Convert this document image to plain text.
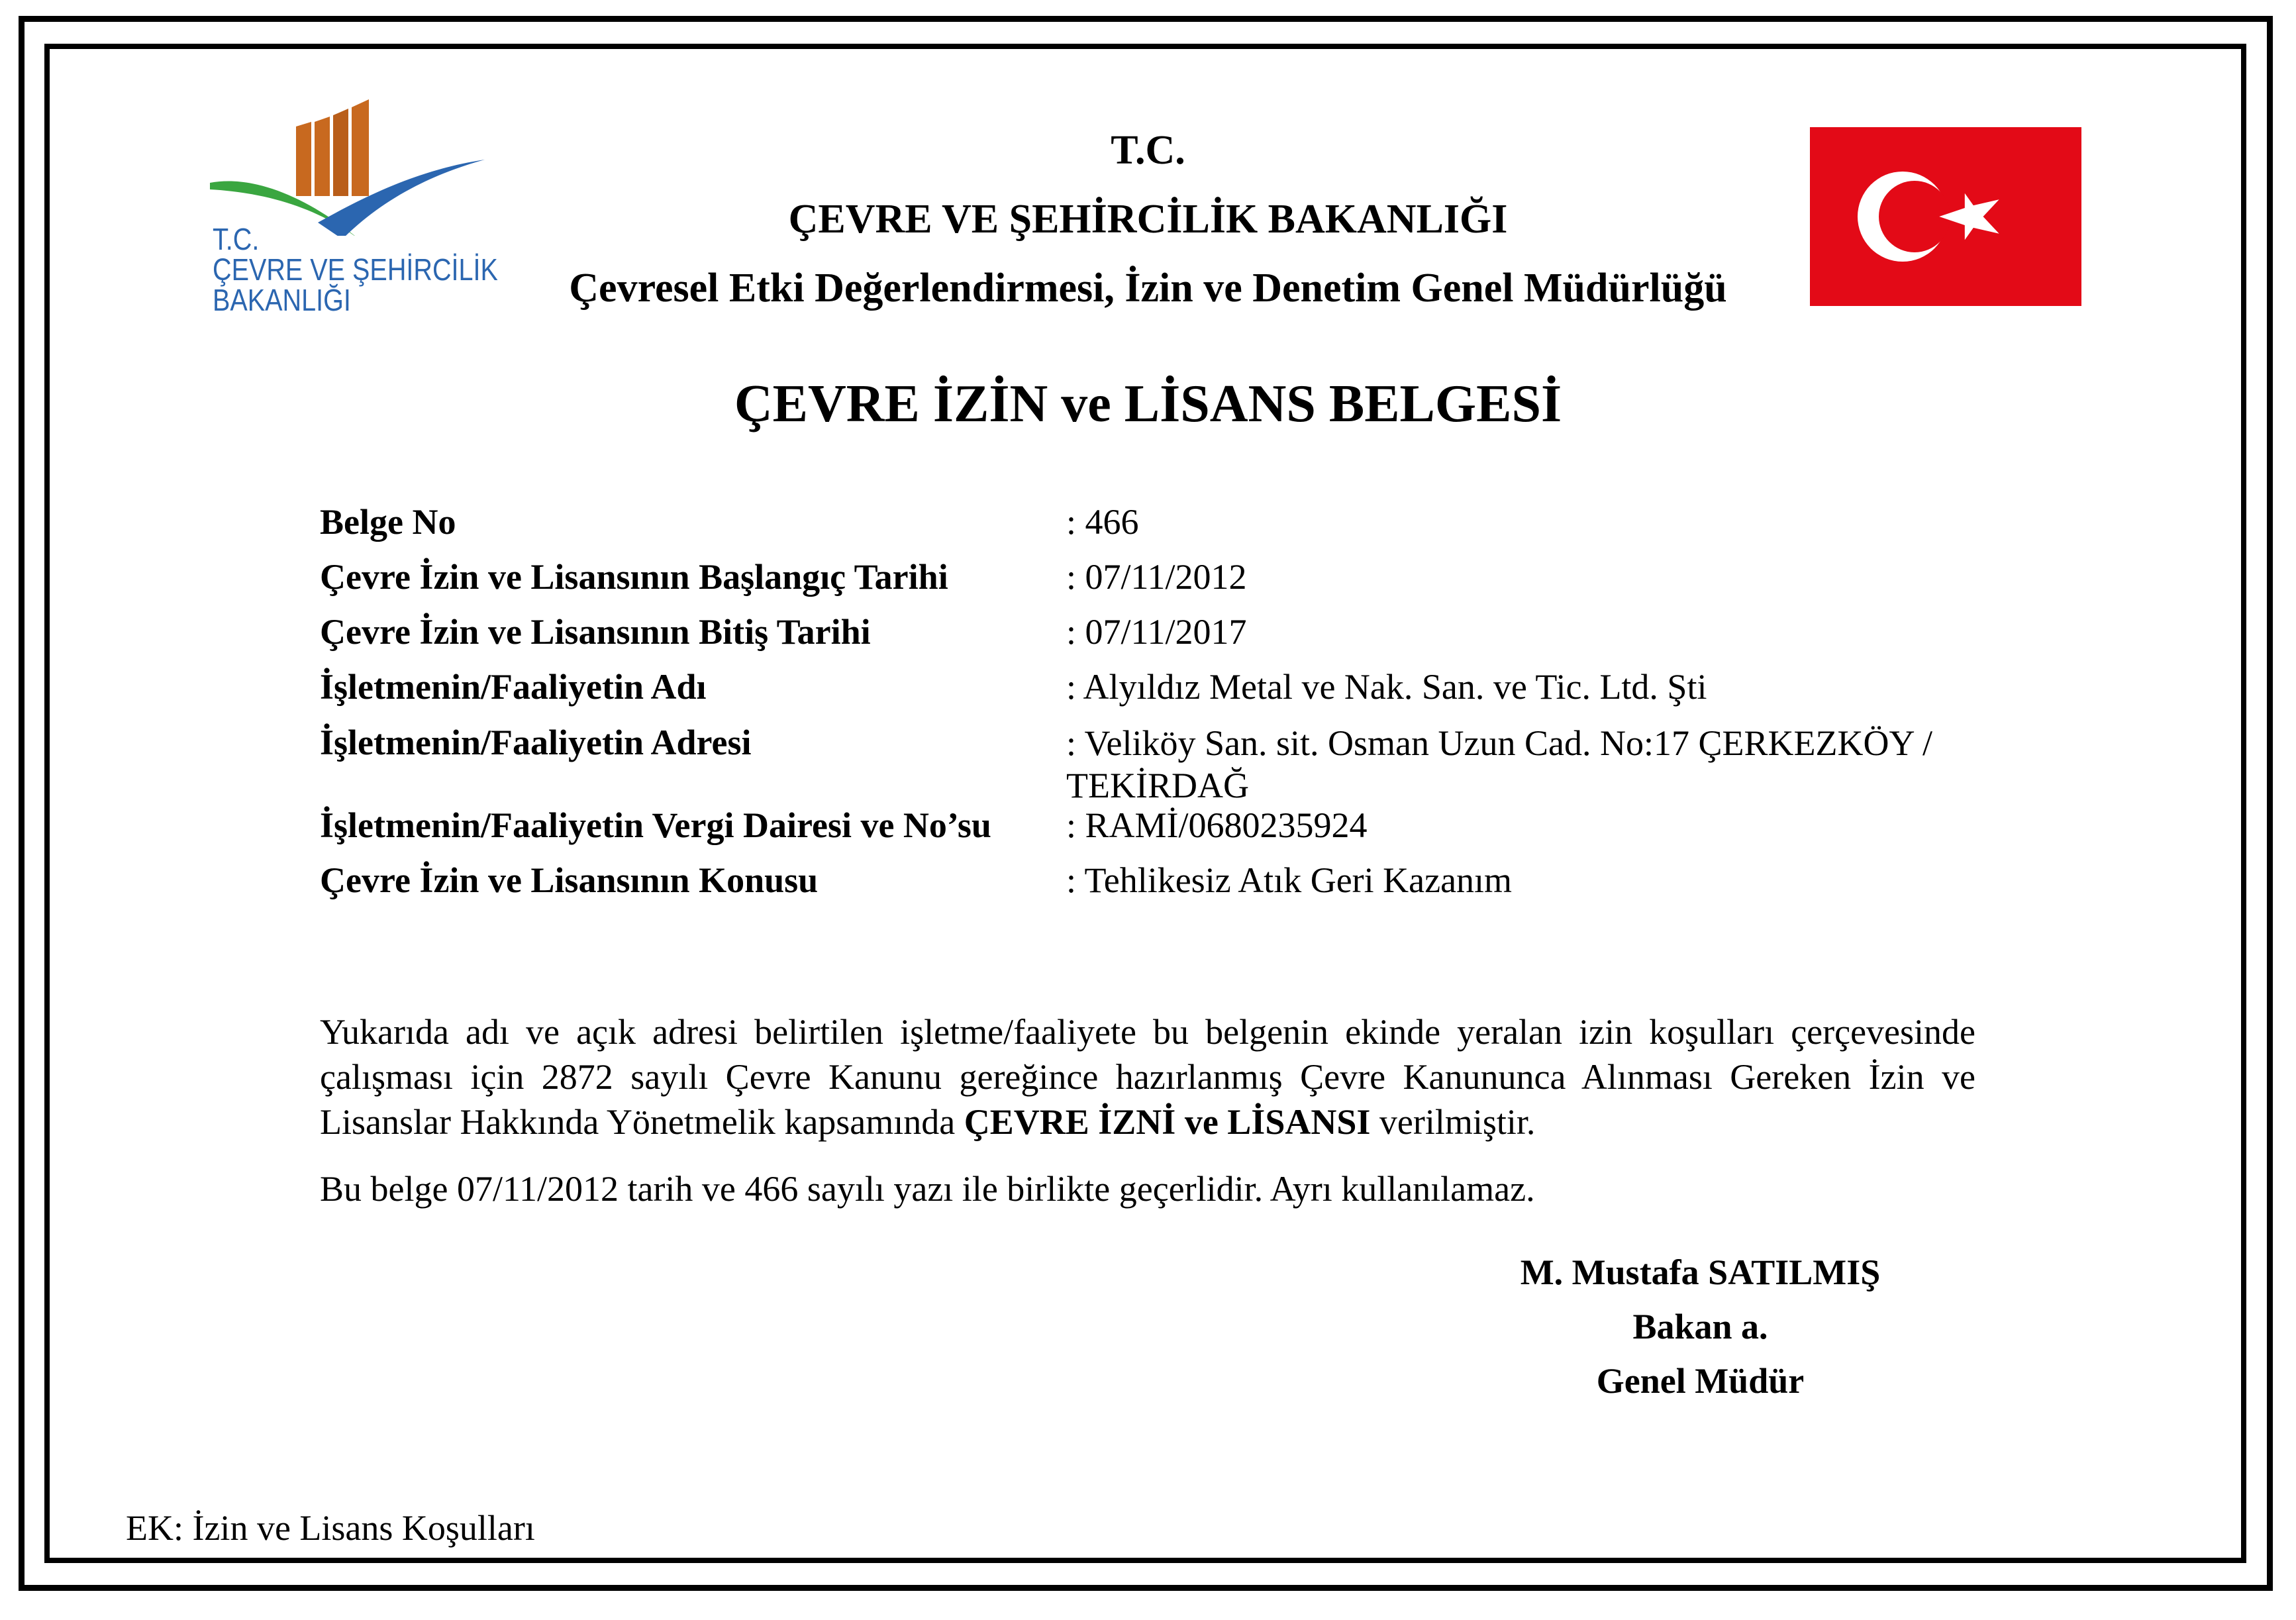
T.C.
ÇEVRE VE ŞEHİRCİLİK
BAKANLIĞI
T.C.
ÇEVRE VE ŞEHİRCİLİK BAKANLIĞI
Çevresel Etki Değerlendirmesi, İzin ve Denetim Genel Müdürlüğü
ÇEVRE İZİN ve LİSANS BELGESİ
Belge No	: 466
Çevre İzin ve Lisansının Başlangıç Tarihi	: 07/11/2012
Çevre İzin ve Lisansının Bitiş Tarihi	: 07/11/2017
İşletmenin/Faaliyetin Adı	: Alyıldız Metal ve Nak. San. ve Tic. Ltd. Şti
İşletmenin/Faaliyetin Adresi	: Veliköy San. sit. Osman Uzun Cad. No:17 ÇERKEZKÖY / TEKİRDAĞ
İşletmenin/Faaliyetin Vergi Dairesi ve No’su : RAMİ/0680235924
Çevre İzin ve Lisansının Konusu	: Tehlikesiz Atık Geri Kazanım
Yukarıda adı ve açık adresi belirtilen işletme/faaliyete bu belgenin ekinde yeralan izin koşulları çerçevesinde çalışması için 2872 sayılı Çevre Kanunu gereğince hazırlanmış Çevre Kanununca Alınması Gereken İzin ve Lisanslar Hakkında Yönetmelik kapsamında ÇEVRE İZNİ ve LİSANSI verilmiştir.
Bu belge 07/11/2012 tarih ve 466 sayılı yazı ile birlikte geçerlidir. Ayrı kullanılamaz.
M. Mustafa SATILMIŞ
Bakan a.
Genel Müdür
EK: İzin ve Lisans Koşulları
